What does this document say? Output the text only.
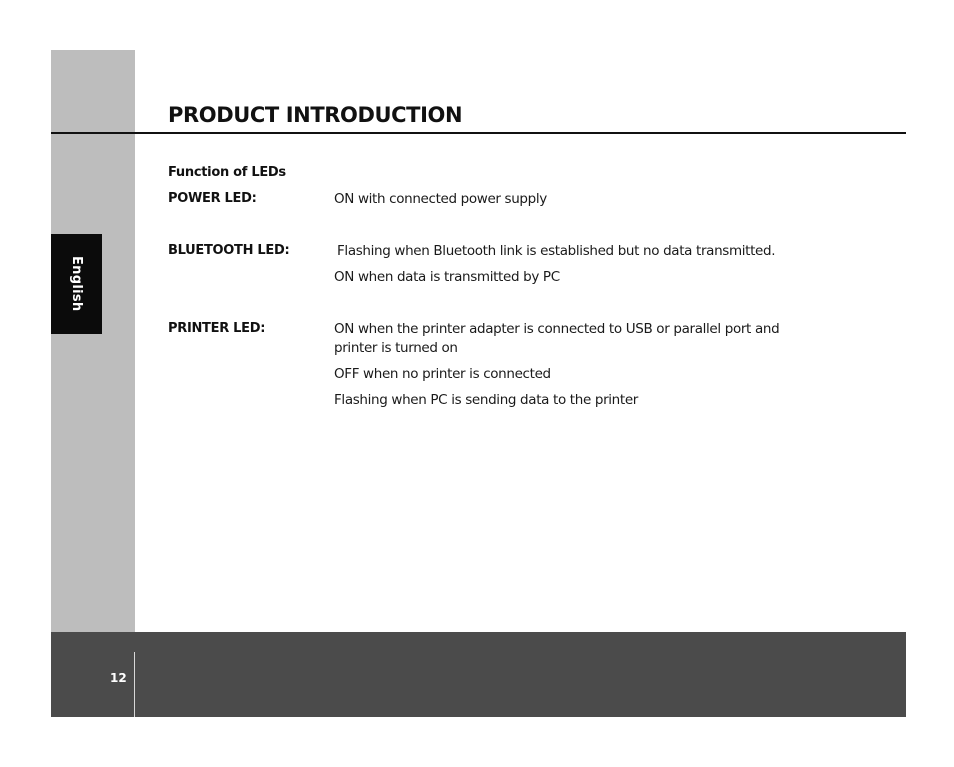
English
PRODUCT INTRODUCTION
Function of LEDs
POWER LED:	ON with connected power supply
BLUETOOTH LED:	Flashing when Bluetooth link is established but no data transmitted.
ON when data is transmitted by PC
PRINTER LED:	ON when the printer adapter is connected to USB or parallel port and printer is turned on
OFF when no printer is connected
Flashing when PC is sending data to the printer
12
